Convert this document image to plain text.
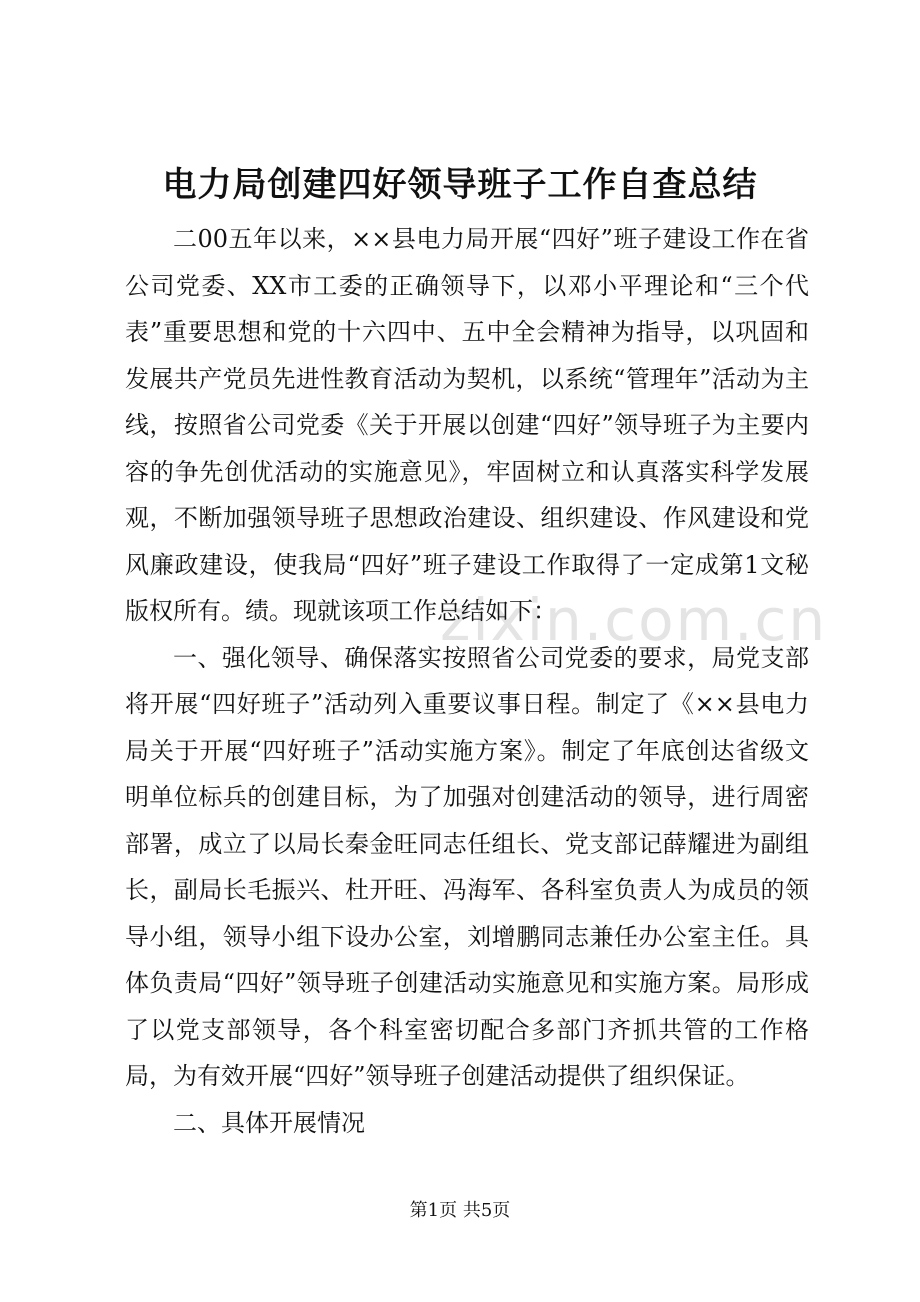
zixin.com.cn
电力局创建四好领导班子工作自查总结

二00五年以来，××县电力局开展“四好”班子建设工作在省公司党委、XX市工委的正确领导下，以邓小平理论和“三个代表”重要思想和党的十六四中、五中全会精神为指导，以巩固和发展共产党员先进性教育活动为契机，以系统“管理年”活动为主线，按照省公司党委《关于开展以创建“四好”领导班子为主要内容的争先创优活动的实施意见》，牢固树立和认真落实科学发展观，不断加强领导班子思想政治建设、组织建设、作风建设和党风廉政建设，使我局“四好”班子建设工作取得了一定成第1文秘版权所有。绩。现就该项工作总结如下：

一、强化领导、确保落实按照省公司党委的要求，局党支部将开展“四好班子”活动列入重要议事日程。制定了《××县电力局关于开展“四好班子”活动实施方案》。制定了年底创达省级文明单位标兵的创建目标，为了加强对创建活动的领导，进行周密部署，成立了以局长秦金旺同志任组长、党支部记薛耀进为副组长，副局长毛振兴、杜开旺、冯海军、各科室负责人为成员的领导小组，领导小组下设办公室，刘增鹏同志兼任办公室主任。具体负责局“四好”领导班子创建活动实施意见和实施方案。局形成了以党支部领导，各个科室密切配合多部门齐抓共管的工作格局，为有效开展“四好”领导班子创建活动提供了组织保证。

二、具体开展情况

第1页 共5页
